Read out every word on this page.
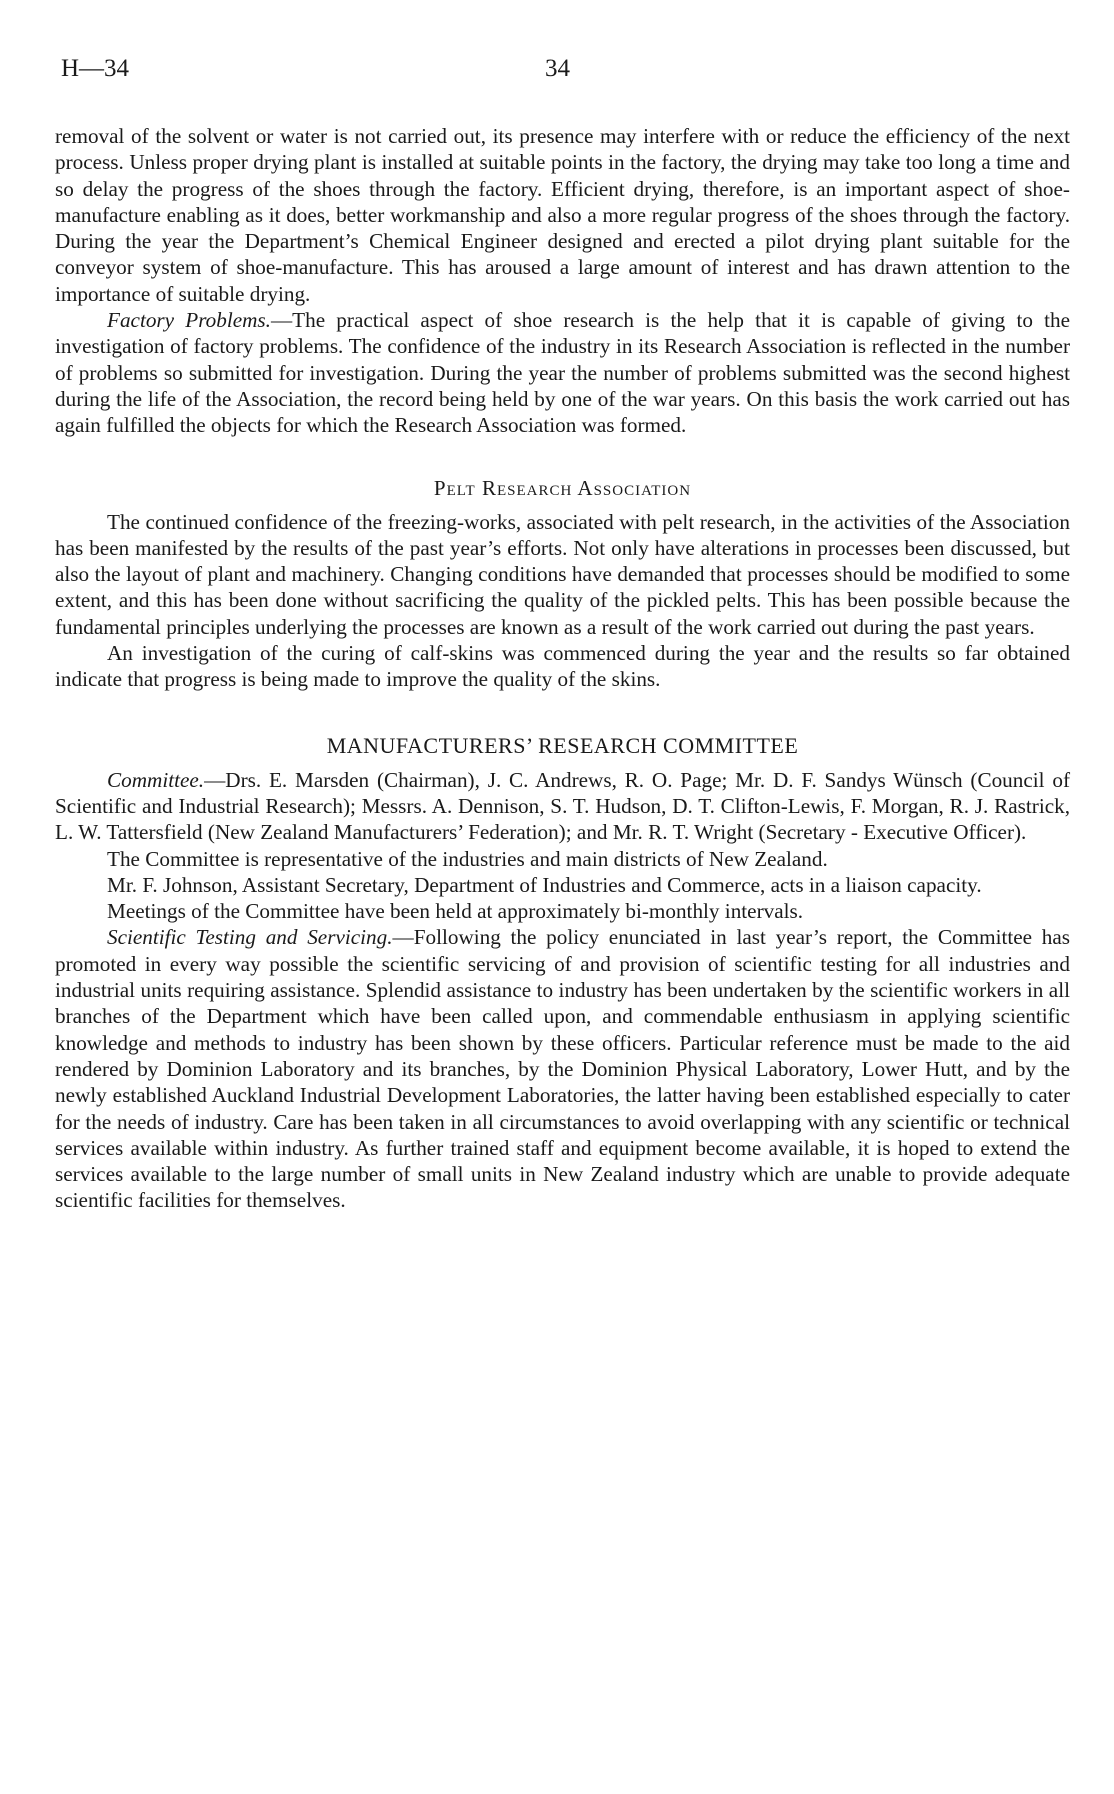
H—34	34

removal of the solvent or water is not carried out, its presence may interfere with or reduce the efficiency of the next process. Unless proper drying plant is installed at suitable points in the factory, the drying may take too long a time and so delay the progress of the shoes through the factory. Efficient drying, therefore, is an important aspect of shoe-manufacture enabling as it does, better workmanship and also a more regular progress of the shoes through the factory. During the year the Department’s Chemical Engineer designed and erected a pilot drying plant suitable for the conveyor system of shoe-manufacture. This has aroused a large amount of interest and has drawn attention to the importance of suitable drying.

Factory Problems.—The practical aspect of shoe research is the help that it is capable of giving to the investigation of factory problems. The confidence of the industry in its Research Association is reflected in the number of problems so submitted for investigation. During the year the number of problems submitted was the second highest during the life of the Association, the record being held by one of the war years. On this basis the work carried out has again fulfilled the objects for which the Research Association was formed.

Pelt Research Association

The continued confidence of the freezing-works, associated with pelt research, in the activities of the Association has been manifested by the results of the past year’s efforts. Not only have alterations in processes been discussed, but also the layout of plant and machinery. Changing conditions have demanded that processes should be modified to some extent, and this has been done without sacrificing the quality of the pickled pelts. This has been possible because the fundamental principles underlying the processes are known as a result of the work carried out during the past years.

An investigation of the curing of calf-skins was commenced during the year and the results so far obtained indicate that progress is being made to improve the quality of the skins.

MANUFACTURERS’ RESEARCH COMMITTEE

Committee.—Drs. E. Marsden (Chairman), J. C. Andrews, R. O. Page; Mr. D. F. Sandys Wünsch (Council of Scientific and Industrial Research); Messrs. A. Dennison, S. T. Hudson, D. T. Clifton-Lewis, F. Morgan, R. J. Rastrick, L. W. Tattersfield (New Zealand Manufacturers’ Federation); and Mr. R. T. Wright (Secretary - Executive Officer).

The Committee is representative of the industries and main districts of New Zealand.

Mr. F. Johnson, Assistant Secretary, Department of Industries and Commerce, acts in a liaison capacity.

Meetings of the Committee have been held at approximately bi-monthly intervals.

Scientific Testing and Servicing.—Following the policy enunciated in last year’s report, the Committee has promoted in every way possible the scientific servicing of and provision of scientific testing for all industries and industrial units requiring assistance. Splendid assistance to industry has been undertaken by the scientific workers in all branches of the Department which have been called upon, and commendable enthusiasm in applying scientific knowledge and methods to industry has been shown by these officers. Particular reference must be made to the aid rendered by Dominion Laboratory and its branches, by the Dominion Physical Laboratory, Lower Hutt, and by the newly established Auckland Industrial Development Laboratories, the latter having been established especially to cater for the needs of industry. Care has been taken in all circumstances to avoid overlapping with any scientific or technical services available within industry. As further trained staff and equipment become available, it is hoped to extend the services available to the large number of small units in New Zealand industry which are unable to provide adequate scientific facilities for themselves.
